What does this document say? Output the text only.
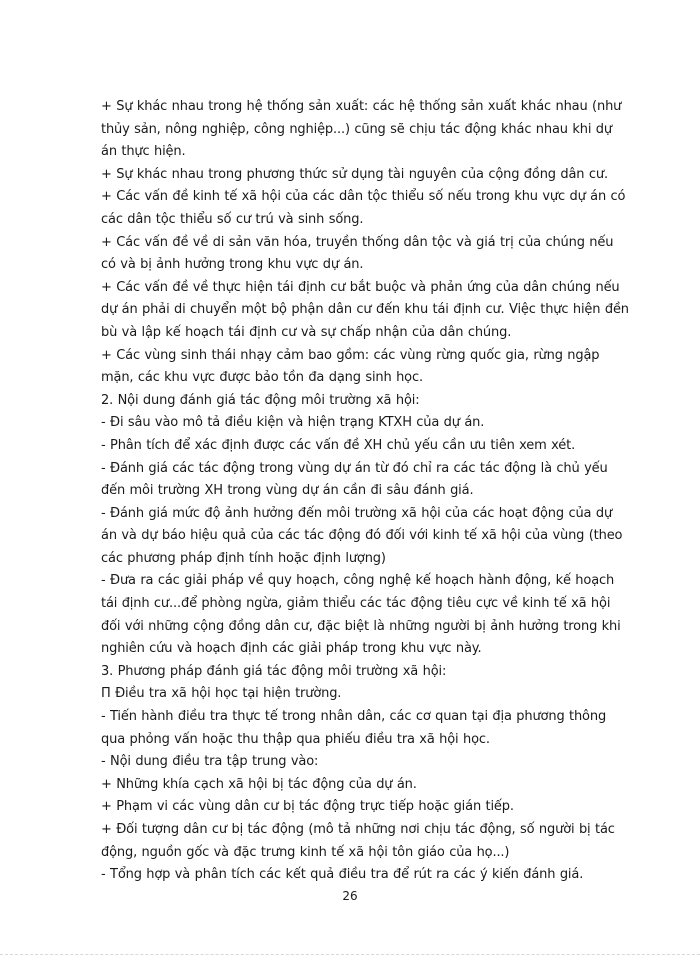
+ Sự khác nhau trong hệ thống sản xuất: các hệ thống sản xuất khác nhau (như thủy sản, nông nghiệp, công nghiệp...) cũng sẽ chịu tác động khác nhau khi dự án thực hiện.

+ Sự khác nhau trong phương thức sử dụng tài nguyên của cộng đồng dân cư.

+ Các vấn đề kinh tế xã hội của các dân tộc thiểu số nếu trong khu vực dự án có các dân tộc thiểu số cư trú và sinh sống.

+ Các vấn đề về di sản văn hóa, truyền thống dân tộc và giá trị của chúng nếu có và bị ảnh hưởng trong khu vực dự án.

+ Các vấn đề về thực hiện tái định cư bắt buộc và phản ứng của dân chúng nếu dự án phải di chuyển một bộ phận dân cư đến khu tái định cư. Việc thực hiện đền bù và lập kế hoạch tái định cư và sự chấp nhận của dân chúng.

+ Các vùng sinh thái nhạy cảm bao gồm: các vùng rừng quốc gia, rừng ngập mặn, các khu vực được bảo tồn đa dạng sinh học.

2. Nội dung đánh giá tác động môi trường xã hội:

- Đi sâu vào mô tả điều kiện và hiện trạng KTXH của dự án.

- Phân tích để xác định được các vấn đề XH chủ yếu cần ưu tiên xem xét.

- Đánh giá các tác động trong vùng dự án từ đó chỉ ra các tác động là chủ yếu đến môi trường XH trong vùng dự án cần đi sâu đánh giá.

- Đánh giá mức độ ảnh hưởng đến môi trường xã hội của các hoạt động của dự án và dự báo hiệu quả của các tác động đó đối với kinh tế xã hội của vùng (theo các phương pháp định tính hoặc định lượng)

- Đưa ra các giải pháp về quy hoạch, công nghệ kế hoạch hành động, kế hoạch tái định cư...để phòng ngừa, giảm thiểu các tác động tiêu cực về kinh tế xã hội đối với những cộng đồng dân cư, đặc biệt là những người bị ảnh hưởng trong khi nghiên cứu và hoạch định các giải pháp trong khu vực này.

3. Phương pháp đánh giá tác động môi trường xã hội:

Π Điều tra xã hội học tại hiện trường.

- Tiến hành điều tra thực tế trong nhân dân, các cơ quan tại địa phương thông qua phỏng vấn hoặc thu thập qua phiếu điều tra xã hội học.

- Nội dung điều tra tập trung vào:

+ Những khía cạch xã hội bị tác động của dự án.

+ Phạm vi các vùng dân cư bị tác động trực tiếp hoặc gián tiếp.

+ Đối tượng dân cư bị tác động (mô tả những nơi chịu tác động, số người bị tác động, nguồn gốc và đặc trưng kinh tế xã hội tôn giáo của họ...)

- Tổng hợp và phân tích các kết quả điều tra để rút ra các ý kiến đánh giá.

26
